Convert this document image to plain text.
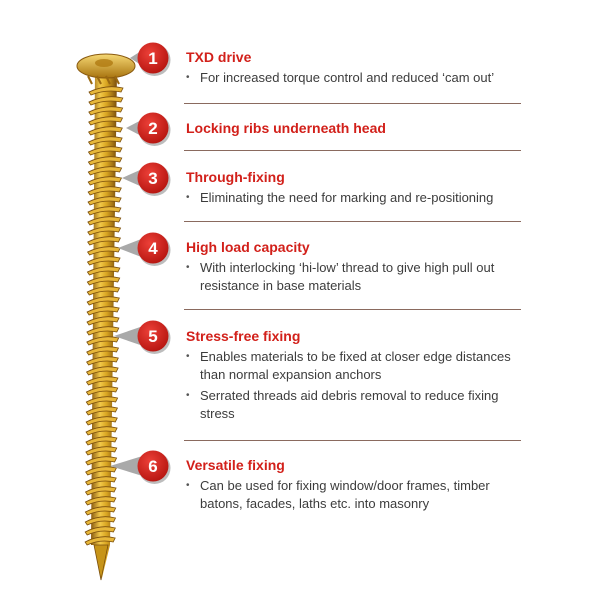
1
2
3
4
5
6
TXD drive
• For increased torque control and reduced ‘cam out’
Locking ribs underneath head
Through-fixing
• Eliminating the need for marking and re-positioning
High load capacity
• With interlocking ‘hi-low’ thread to give high pull out resistance in base materials
Stress-free fixing
• Enables materials to be fixed at closer edge distances than normal expansion anchors
• Serrated threads aid debris removal to reduce fixing stress
Versatile fixing
• Can be used for fixing window/door frames, timber batons, facades, laths etc. into masonry
